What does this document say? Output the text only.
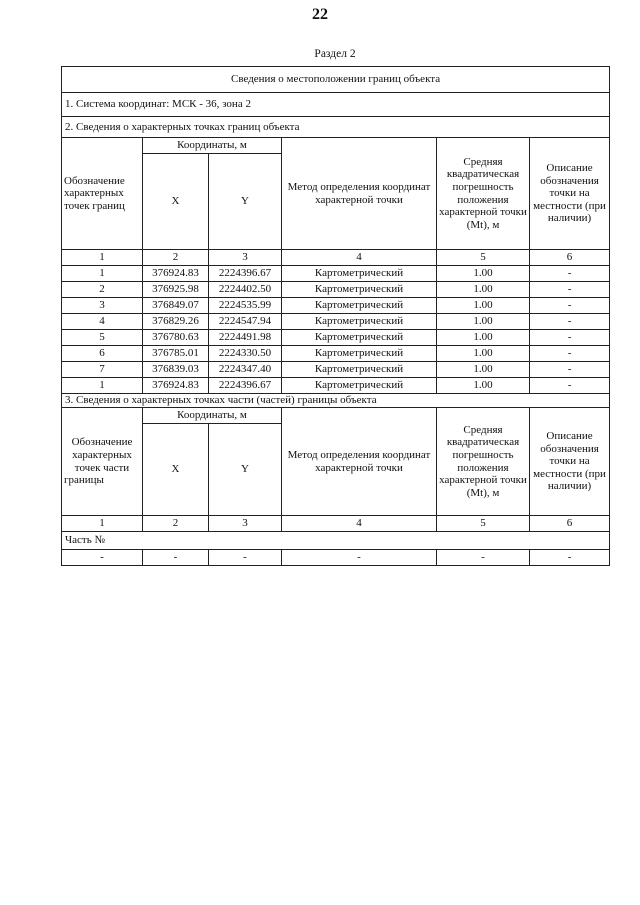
22
Раздел 2
Сведения о местоположении границ объекта					
1. Система координат: МСК - 36, зона 2					
2. Сведения о характерных точках границ объекта					
Обозначение характерных точек границ	Координаты, м		Метод определения координат характерной точки	Средняя квадратическая погрешность положения характерной точки (Mt), м	Описание обозначения точки на местности (при наличии)
	X	Y			
1	2	3	4	5	6
1	376924.83	2224396.67	Картометрический	1.00	-
2	376925.98	2224402.50	Картометрический	1.00	-
3	376849.07	2224535.99	Картометрический	1.00	-
4	376829.26	2224547.94	Картометрический	1.00	-
5	376780.63	2224491.98	Картометрический	1.00	-
6	376785.01	2224330.50	Картометрический	1.00	-
7	376839.03	2224347.40	Картометрический	1.00	-
1	376924.83	2224396.67	Картометрический	1.00	-
3. Сведения о характерных точках части (частей) границы объекта					
Обозначение характерных точек части границы	Координаты, м		Метод определения координат характерной точки	Средняя квадратическая погрешность положения характерной точки (Mt), м	Описание обозначения точки на местности (при наличии)
	X	Y			
1	2	3	4	5	6
Часть №					
-	-	-	-	-	-
